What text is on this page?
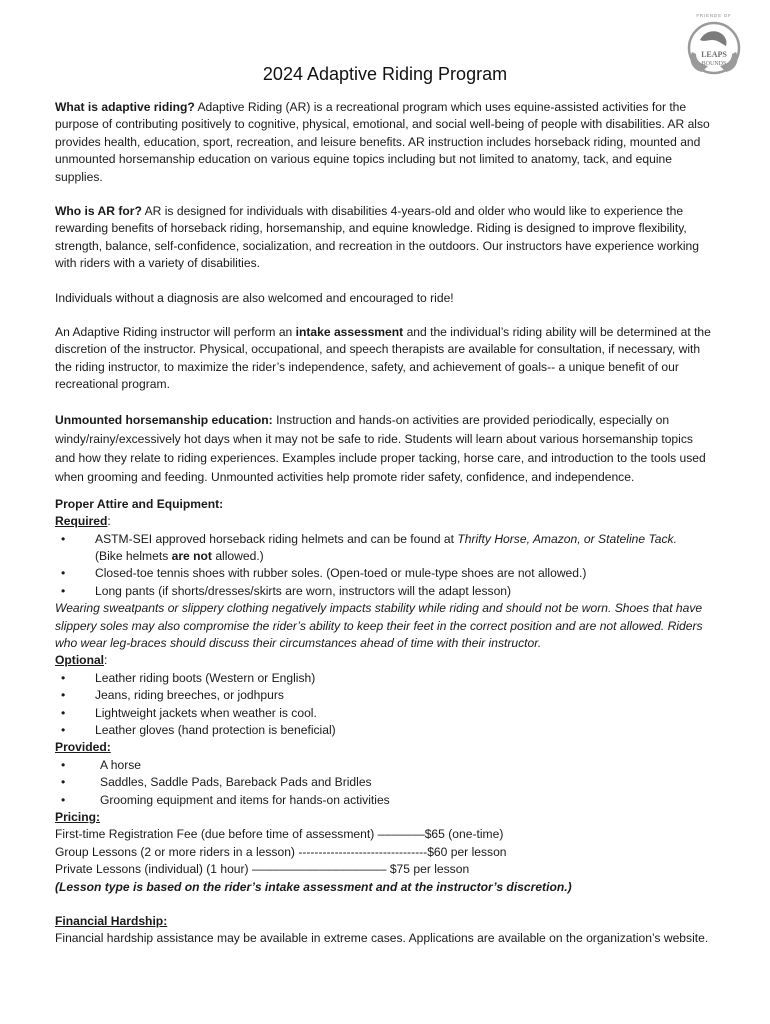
2024 Adaptive Riding Program

What is adaptive riding? Adaptive Riding (AR) is a recreational program which uses equine-assisted activities for the purpose of contributing positively to cognitive, physical, emotional, and social well-being of people with disabilities. AR also provides health, education, sport, recreation, and leisure benefits. AR instruction includes horseback riding, mounted and unmounted horsemanship education on various equine topics including but not limited to anatomy, tack, and equine supplies.

Who is AR for? AR is designed for individuals with disabilities 4-years-old and older who would like to experience the rewarding benefits of horseback riding, horsemanship, and equine knowledge. Riding is designed to improve flexibility, strength, balance, self-confidence, socialization, and recreation in the outdoors. Our instructors have experience working with riders with a variety of disabilities.

Individuals without a diagnosis are also welcomed and encouraged to ride!

An Adaptive Riding instructor will perform an intake assessment and the individual’s riding ability will be determined at the discretion of the instructor. Physical, occupational, and speech therapists are available for consultation, if necessary, with the riding instructor, to maximize the rider’s independence, safety, and achievement of goals-- a unique benefit of our recreational program.

Unmounted horsemanship education: Instruction and hands-on activities are provided periodically, especially on windy/rainy/excessively hot days when it may not be safe to ride. Students will learn about various horsemanship topics and how they relate to riding experiences. Examples include proper tacking, horse care, and introduction to the tools used when grooming and feeding. Unmounted activities help promote rider safety, confidence, and independence.

Proper Attire and Equipment:

Required:

• ASTM-SEI approved horseback riding helmets and can be found at Thrifty Horse, Amazon, or Stateline Tack.
(Bike helmets are not allowed.)
• Closed-toe tennis shoes with rubber soles. (Open-toed or mule-type shoes are not allowed.)
• Long pants (if shorts/dresses/skirts are worn, instructors will the adapt lesson)

Wearing sweatpants or slippery clothing negatively impacts stability while riding and should not be worn. Shoes that have slippery soles may also compromise the rider’s ability to keep their feet in the correct position and are not allowed. Riders who wear leg-braces should discuss their circumstances ahead of time with their instructor.

Optional:

• Leather riding boots (Western or English)
• Jeans, riding breeches, or jodhpurs
• Lightweight jackets when weather is cool.
• Leather gloves (hand protection is beneficial)

Provided:

•	A horse
•	Saddles, Saddle Pads, Bareback Pads and Bridles
•	Grooming equipment and items for hands-on activities

Pricing:

First-time Registration Fee (due before time of assessment) –––––––$65 (one-time)

Group Lessons (2 or more riders in a lesson) --------------------------------$60 per lesson

Private Lessons (individual) (1 hour) –––––––––––––––––––– $75 per lesson

(Lesson type is based on the rider’s intake assessment and at the instructor’s discretion.)

Financial Hardship:

Financial hardship assistance may be available in extreme cases. Applications are available on the organization’s website.

FRIENDS OF
LEAPS
BOUNDS
